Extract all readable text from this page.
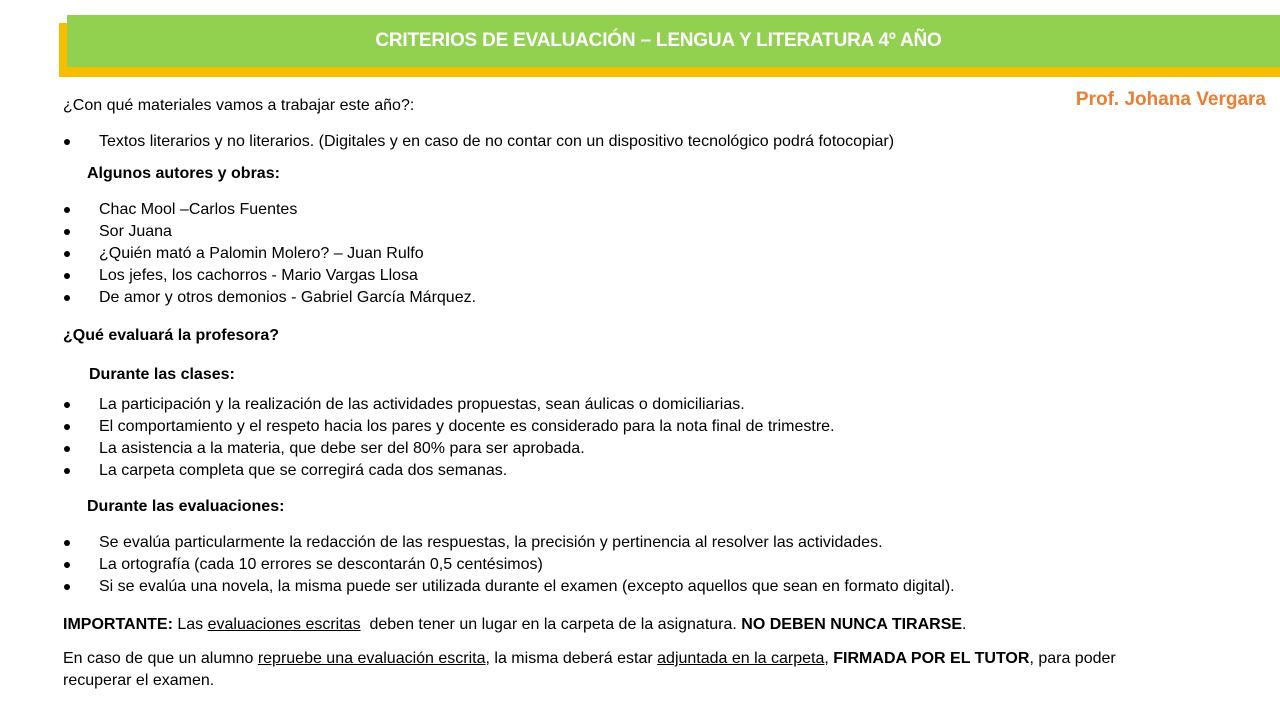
CRITERIOS DE EVALUACIÓN – LENGUA Y LITERATURA 4º AÑO
Prof. Johana Vergara

¿Con qué materiales vamos a trabajar este año?:

Textos literarios y no literarios. (Digitales y en caso de no contar con un dispositivo tecnológico podrá fotocopiar)

Algunos autores y obras:

Chac Mool –Carlos Fuentes
Sor Juana
¿Quién mató a Palomin Molero? – Juan Rulfo
Los jefes, los cachorros - Mario Vargas Llosa
De amor y otros demonios - Gabriel García Márquez.

¿Qué evaluará la profesora?

Durante las clases:

La participación y la realización de las actividades propuestas, sean áulicas o domiciliarias.
El comportamiento y el respeto hacia los pares y docente es considerado para la nota final de trimestre.
La asistencia a la materia, que debe ser del 80% para ser aprobada.
La carpeta completa que se corregirá cada dos semanas.

Durante las evaluaciones:

Se evalúa particularmente la redacción de las respuestas, la precisión y pertinencia al resolver las actividades.
La ortografía (cada 10 errores se descontarán 0,5 centésimos)
Si se evalúa una novela, la misma puede ser utilizada durante el examen (excepto aquellos que sean en formato digital).

IMPORTANTE: Las evaluaciones escritas  deben tener un lugar en la carpeta de la asignatura. NO DEBEN NUNCA TIRARSE.

En caso de que un alumno repruebe una evaluación escrita, la misma deberá estar adjuntada en la carpeta, FIRMADA POR EL TUTOR, para poder recuperar el examen.
